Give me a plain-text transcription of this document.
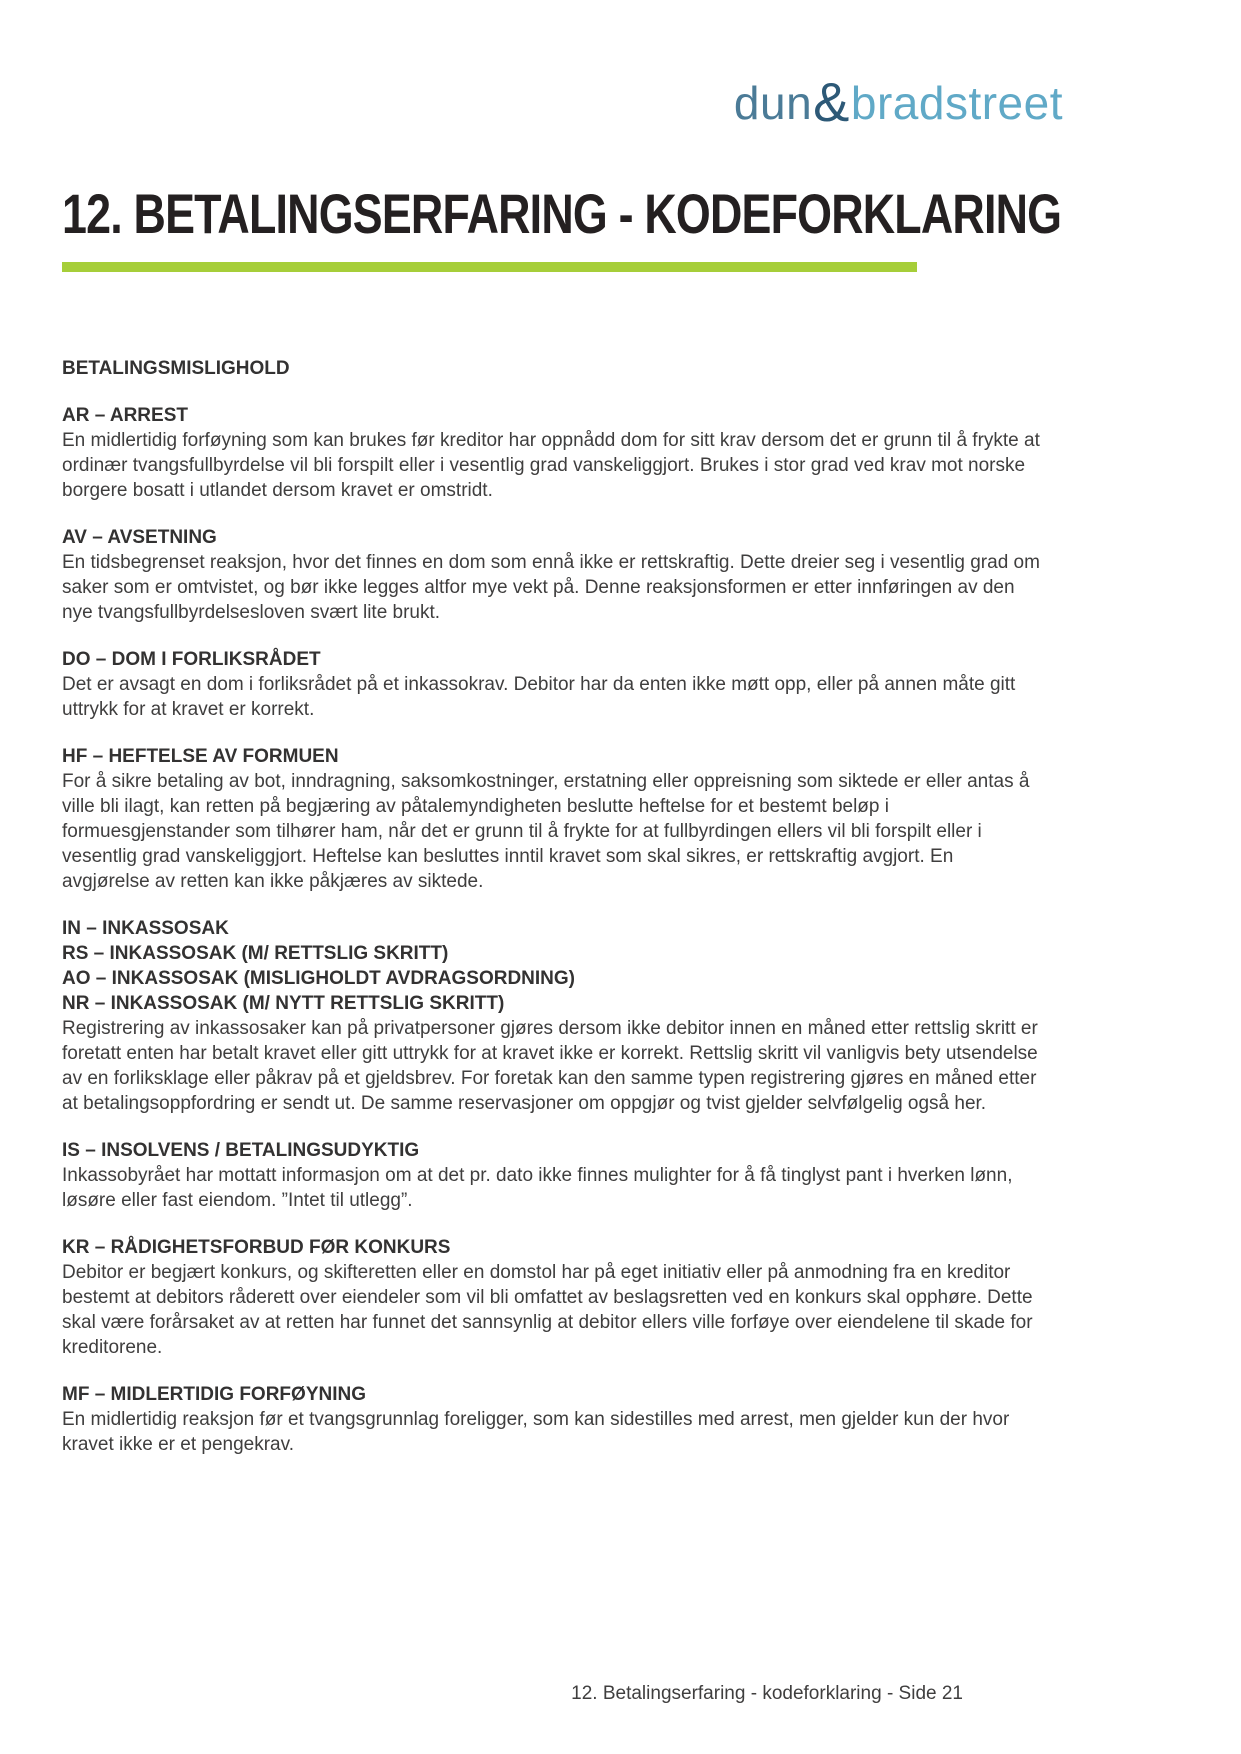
dun&bradstreet
12. BETALINGSERFARING - KODEFORKLARING

BETALINGSMISLIGHOLD

AR – ARREST

En midlertidig forføyning som kan brukes før kreditor har oppnådd dom for sitt krav dersom det er grunn til å frykte at ordinær tvangsfullbyrdelse vil bli forspilt eller i vesentlig grad vanskeliggjort. Brukes i stor grad ved krav mot norske borgere bosatt i utlandet dersom kravet er omstridt.

AV – AVSETNING

En tidsbegrenset reaksjon, hvor det finnes en dom som ennå ikke er rettskraftig. Dette dreier seg i vesentlig grad om saker som er omtvistet, og bør ikke legges altfor mye vekt på. Denne reaksjonsformen er etter innføringen av den nye tvangsfullbyrdelsesloven svært lite brukt.

DO – DOM I FORLIKSRÅDET

Det er avsagt en dom i forliksrådet på et inkassokrav. Debitor har da enten ikke møtt opp, eller på annen måte gitt uttrykk for at kravet er korrekt.

HF – HEFTELSE AV FORMUEN

For å sikre betaling av bot, inndragning, saksomkostninger, erstatning eller oppreisning som siktede er eller antas å ville bli ilagt, kan retten på begjæring av påtalemyndigheten beslutte heftelse for et bestemt beløp i formuesgjenstander som tilhører ham, når det er grunn til å frykte for at fullbyrdingen ellers vil bli forspilt eller i vesentlig grad vanskeliggjort. Heftelse kan besluttes inntil kravet som skal sikres, er rettskraftig avgjort. En avgjørelse av retten kan ikke påkjæres av siktede.

IN – INKASSOSAK

RS – INKASSOSAK (M/ RETTSLIG SKRITT)

AO – INKASSOSAK (MISLIGHOLDT AVDRAGSORDNING)

NR – INKASSOSAK (M/ NYTT RETTSLIG SKRITT)

Registrering av inkassosaker kan på privatpersoner gjøres dersom ikke debitor innen en måned etter rettslig skritt er foretatt enten har betalt kravet eller gitt uttrykk for at kravet ikke er korrekt. Rettslig skritt vil vanligvis bety utsendelse av en forliksklage eller påkrav på et gjeldsbrev. For foretak kan den samme typen registrering gjøres en måned etter at betalingsoppfordring er sendt ut. De samme reservasjoner om oppgjør og tvist gjelder selvfølgelig også her.

IS – INSOLVENS / BETALINGSUDYKTIG

Inkassobyrået har mottatt informasjon om at det pr. dato ikke finnes mulighter for å få tinglyst pant i hverken lønn, løsøre eller fast eiendom. ”Intet til utlegg”.

KR – RÅDIGHETSFORBUD FØR KONKURS

Debitor er begjært konkurs, og skifteretten eller en domstol har på eget initiativ eller på anmodning fra en kreditor bestemt at debitors råderett over eiendeler som vil bli omfattet av beslagsretten ved en konkurs skal opphøre. Dette skal være forårsaket av at retten har funnet det sannsynlig at debitor ellers ville forføye over eiendelene til skade for kreditorene.

MF – MIDLERTIDIG FORFØYNING

En midlertidig reaksjon før et tvangsgrunnlag foreligger, som kan sidestilles med arrest, men gjelder kun der hvor kravet ikke er et pengekrav.

12. Betalingserfaring - kodeforklaring - Side 21
